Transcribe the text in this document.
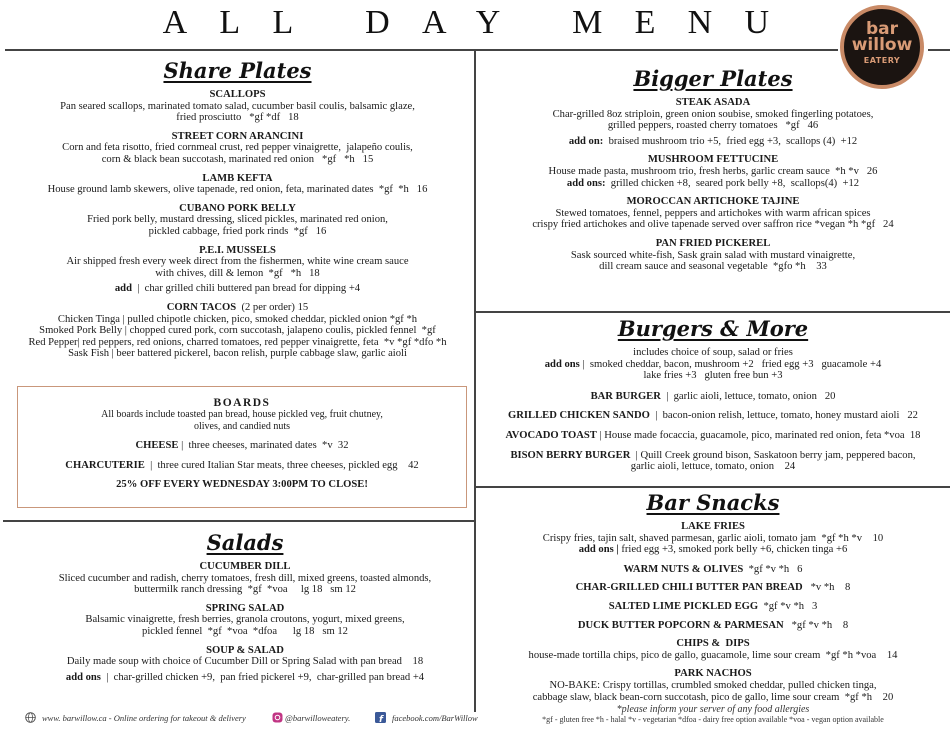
ALL DAY MENU	bar
willow
EATERY
Share Plates
SCALLOPS
Pan seared scallops, marinated tomato salad, cucumber basil coulis, balsamic glaze,
fried prosciutto   *gf *df   18
STREET CORN ARANCINI
Corn and feta risotto, fried cornmeal crust, red pepper vinaigrette,  jalapeño coulis,
corn & black bean succotash, marinated red onion   *gf   *h   15
LAMB KEFTA
House ground lamb skewers, olive tapenade, red onion, feta, marinated dates  *gf  *h   16
CUBANO PORK BELLY
Fried pork belly, mustard dressing, sliced pickles, marinated red onion,
pickled cabbage, fried pork rinds  *gf   16
P.E.I. MUSSELS
Air shipped fresh every week direct from the fishermen, white wine cream sauce
with chives, dill & lemon  *gf   *h   18
add  |  char grilled chili buttered pan bread for dipping +4
CORN TACOS  (2 per order) 15
Chicken Tinga | pulled chipotle chicken, pico, smoked cheddar, pickled onion *gf *h
Smoked Pork Belly | chopped cured pork, corn succotash, jalapeno coulis, pickled fennel  *gf
Red Pepper| red peppers, red onions, charred tomatoes, red pepper vinaigrette, feta  *v *gf *dfo *h
Sask Fish | beer battered pickerel, bacon relish, purple cabbage slaw, garlic aioli
BOARDS
All boards include toasted pan bread, house pickled veg, fruit chutney,
olives, and candied nuts
CHEESE |  three cheeses, marinated dates  *v  32
CHARCUTERIE  |  three cured Italian Star meats, three cheeses, pickled egg    42
25% OFF EVERY WEDNESDAY 3:00PM TO CLOSE!
Salads
CUCUMBER DILL
Sliced cucumber and radish, cherry tomatoes, fresh dill, mixed greens, toasted almonds,
buttermilk ranch dressing  *gf  *voa     lg 18   sm 12
SPRING SALAD
Balsamic vinaigrette, fresh berries, granola croutons, yogurt, mixed greens,
pickled fennel  *gf  *voa  *dfoa      lg 18   sm 12
SOUP & SALAD
Daily made soup with choice of Cucumber Dill or Spring Salad with pan bread    18
add ons  |  char-grilled chicken +9,  pan fried pickerel +9,  char-grilled pan bread +4
www. barwillow.ca - Online ordering for takeout & delivery	@barwilloweatery.	f facebook.com/BarWillow
Bigger Plates
STEAK ASADA
Char-grilled 8oz striploin, green onion soubise, smoked fingerling potatoes,
grilled peppers, roasted cherry tomatoes   *gf   46
add on:  braised mushroom trio +5,  fried egg +3,  scallops (4)  +12
MUSHROOM FETTUCINE
House made pasta, mushroom trio, fresh herbs, garlic cream sauce  *h *v   26
add ons:  grilled chicken +8,  seared pork belly +8,  scallops(4)  +12
MOROCCAN ARTICHOKE TAJINE
Stewed tomatoes, fennel, peppers and artichokes with warm african spices
crispy fried artichokes and olive tapenade served over saffron rice *vegan *h *gf   24
PAN FRIED PICKEREL
Sask sourced white-fish, Sask grain salad with mustard vinaigrette,
dill cream sauce and seasonal vegetable  *gfo *h    33
Burgers & More
includes choice of soup, salad or fries
add ons |  smoked cheddar, bacon, mushroom +2   fried egg +3   guacamole +4
lake fries +3   gluten free bun +3
BAR BURGER  |  garlic aioli, lettuce, tomato, onion   20
GRILLED CHICKEN SANDO  |  bacon-onion relish, lettuce, tomato, honey mustard aioli   22
AVOCADO TOAST | House made focaccia, guacamole, pico, marinated red onion, feta *voa  18
BISON BERRY BURGER  | Quill Creek ground bison, Saskatoon berry jam, peppered bacon,
garlic aioli, lettuce, tomato, onion    24
Bar Snacks
LAKE FRIES
Crispy fries, tajin salt, shaved parmesan, garlic aioli, tomato jam  *gf *h *v    10
add ons | fried egg +3, smoked pork belly +6, chicken tinga +6
WARM NUTS & OLIVES  *gf *v *h   6
CHAR-GRILLED CHILI BUTTER PAN BREAD   *v *h    8
SALTED LIME PICKLED EGG  *gf *v *h   3
DUCK BUTTER POPCORN & PARMESAN   *gf *v *h    8
CHIPS &  DIPS
house-made tortilla chips, pico de gallo, guacamole, lime sour cream  *gf *h *voa    14
PARK NACHOS
NO-BAKE: Crispy tortillas, crumbled smoked cheddar, pulled chicken tinga,
cabbage slaw, black bean-corn succotash, pico de gallo, lime sour cream  *gf *h    20
*please inform your server of any food allergies
*gf - gluten free *h - halal *v - vegetarian *dfoa - dairy free option available *voa - vegan option available
